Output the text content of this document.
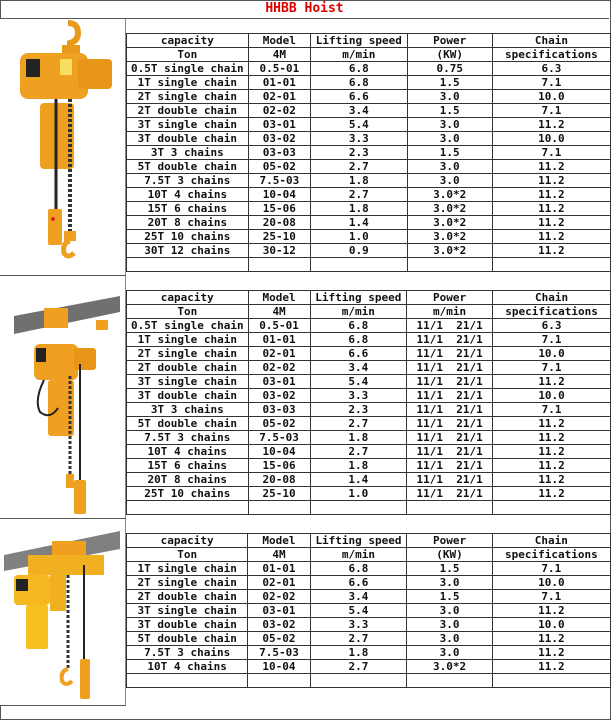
HHBB Hoist
capacity	Model	Lifting speed	Power	Chain
Ton	4M	m/min	(KW)	specifications
0.5T single chain	0.5-01	6.8	0.75	6.3
1T single chain	01-01	6.8	1.5	7.1
2T single chain	02-01	6.6	3.0	10.0
2T double chain	02-02	3.4	1.5	7.1
3T single chain	03-01	5.4	3.0	11.2
3T double chain	03-02	3.3	3.0	10.0
3T 3 chains	03-03	2.3	1.5	7.1
5T double chain	05-02	2.7	3.0	11.2
7.5T 3 chains	7.5-03	1.8	3.0	11.2
10T 4 chains	10-04	2.7	3.0*2	11.2
15T 6 chains	15-06	1.8	3.0*2	11.2
20T 8 chains	20-08	1.4	3.0*2	11.2
25T 10 chains	25-10	1.0	3.0*2	11.2
30T 12 chains	30-12	0.9	3.0*2	11.2

capacity	Model	Lifting speed	Power	Chain
Ton	4M	m/min	m/min	specifications
0.5T single chain	0.5-01	6.8	11/1  21/1	6.3
1T single chain	01-01	6.8	11/1  21/1	7.1
2T single chain	02-01	6.6	11/1  21/1	10.0
2T double chain	02-02	3.4	11/1  21/1	7.1
3T single chain	03-01	5.4	11/1  21/1	11.2
3T double chain	03-02	3.3	11/1  21/1	10.0
3T 3 chains	03-03	2.3	11/1  21/1	7.1
5T double chain	05-02	2.7	11/1  21/1	11.2
7.5T 3 chains	7.5-03	1.8	11/1  21/1	11.2
10T 4 chains	10-04	2.7	11/1  21/1	11.2
15T 6 chains	15-06	1.8	11/1  21/1	11.2
20T 8 chains	20-08	1.4	11/1  21/1	11.2
25T 10 chains	25-10	1.0	11/1  21/1	11.2

capacity	Model	Lifting speed	Power	Chain
Ton	4M	m/min	(KW)	specifications
1T single chain	01-01	6.8	1.5	7.1
2T single chain	02-01	6.6	3.0	10.0
2T double chain	02-02	3.4	1.5	7.1
3T single chain	03-01	5.4	3.0	11.2
3T double chain	03-02	3.3	3.0	10.0
5T double chain	05-02	2.7	3.0	11.2
7.5T 3 chains	7.5-03	1.8	3.0	11.2
10T 4 chains	10-04	2.7	3.0*2	11.2
